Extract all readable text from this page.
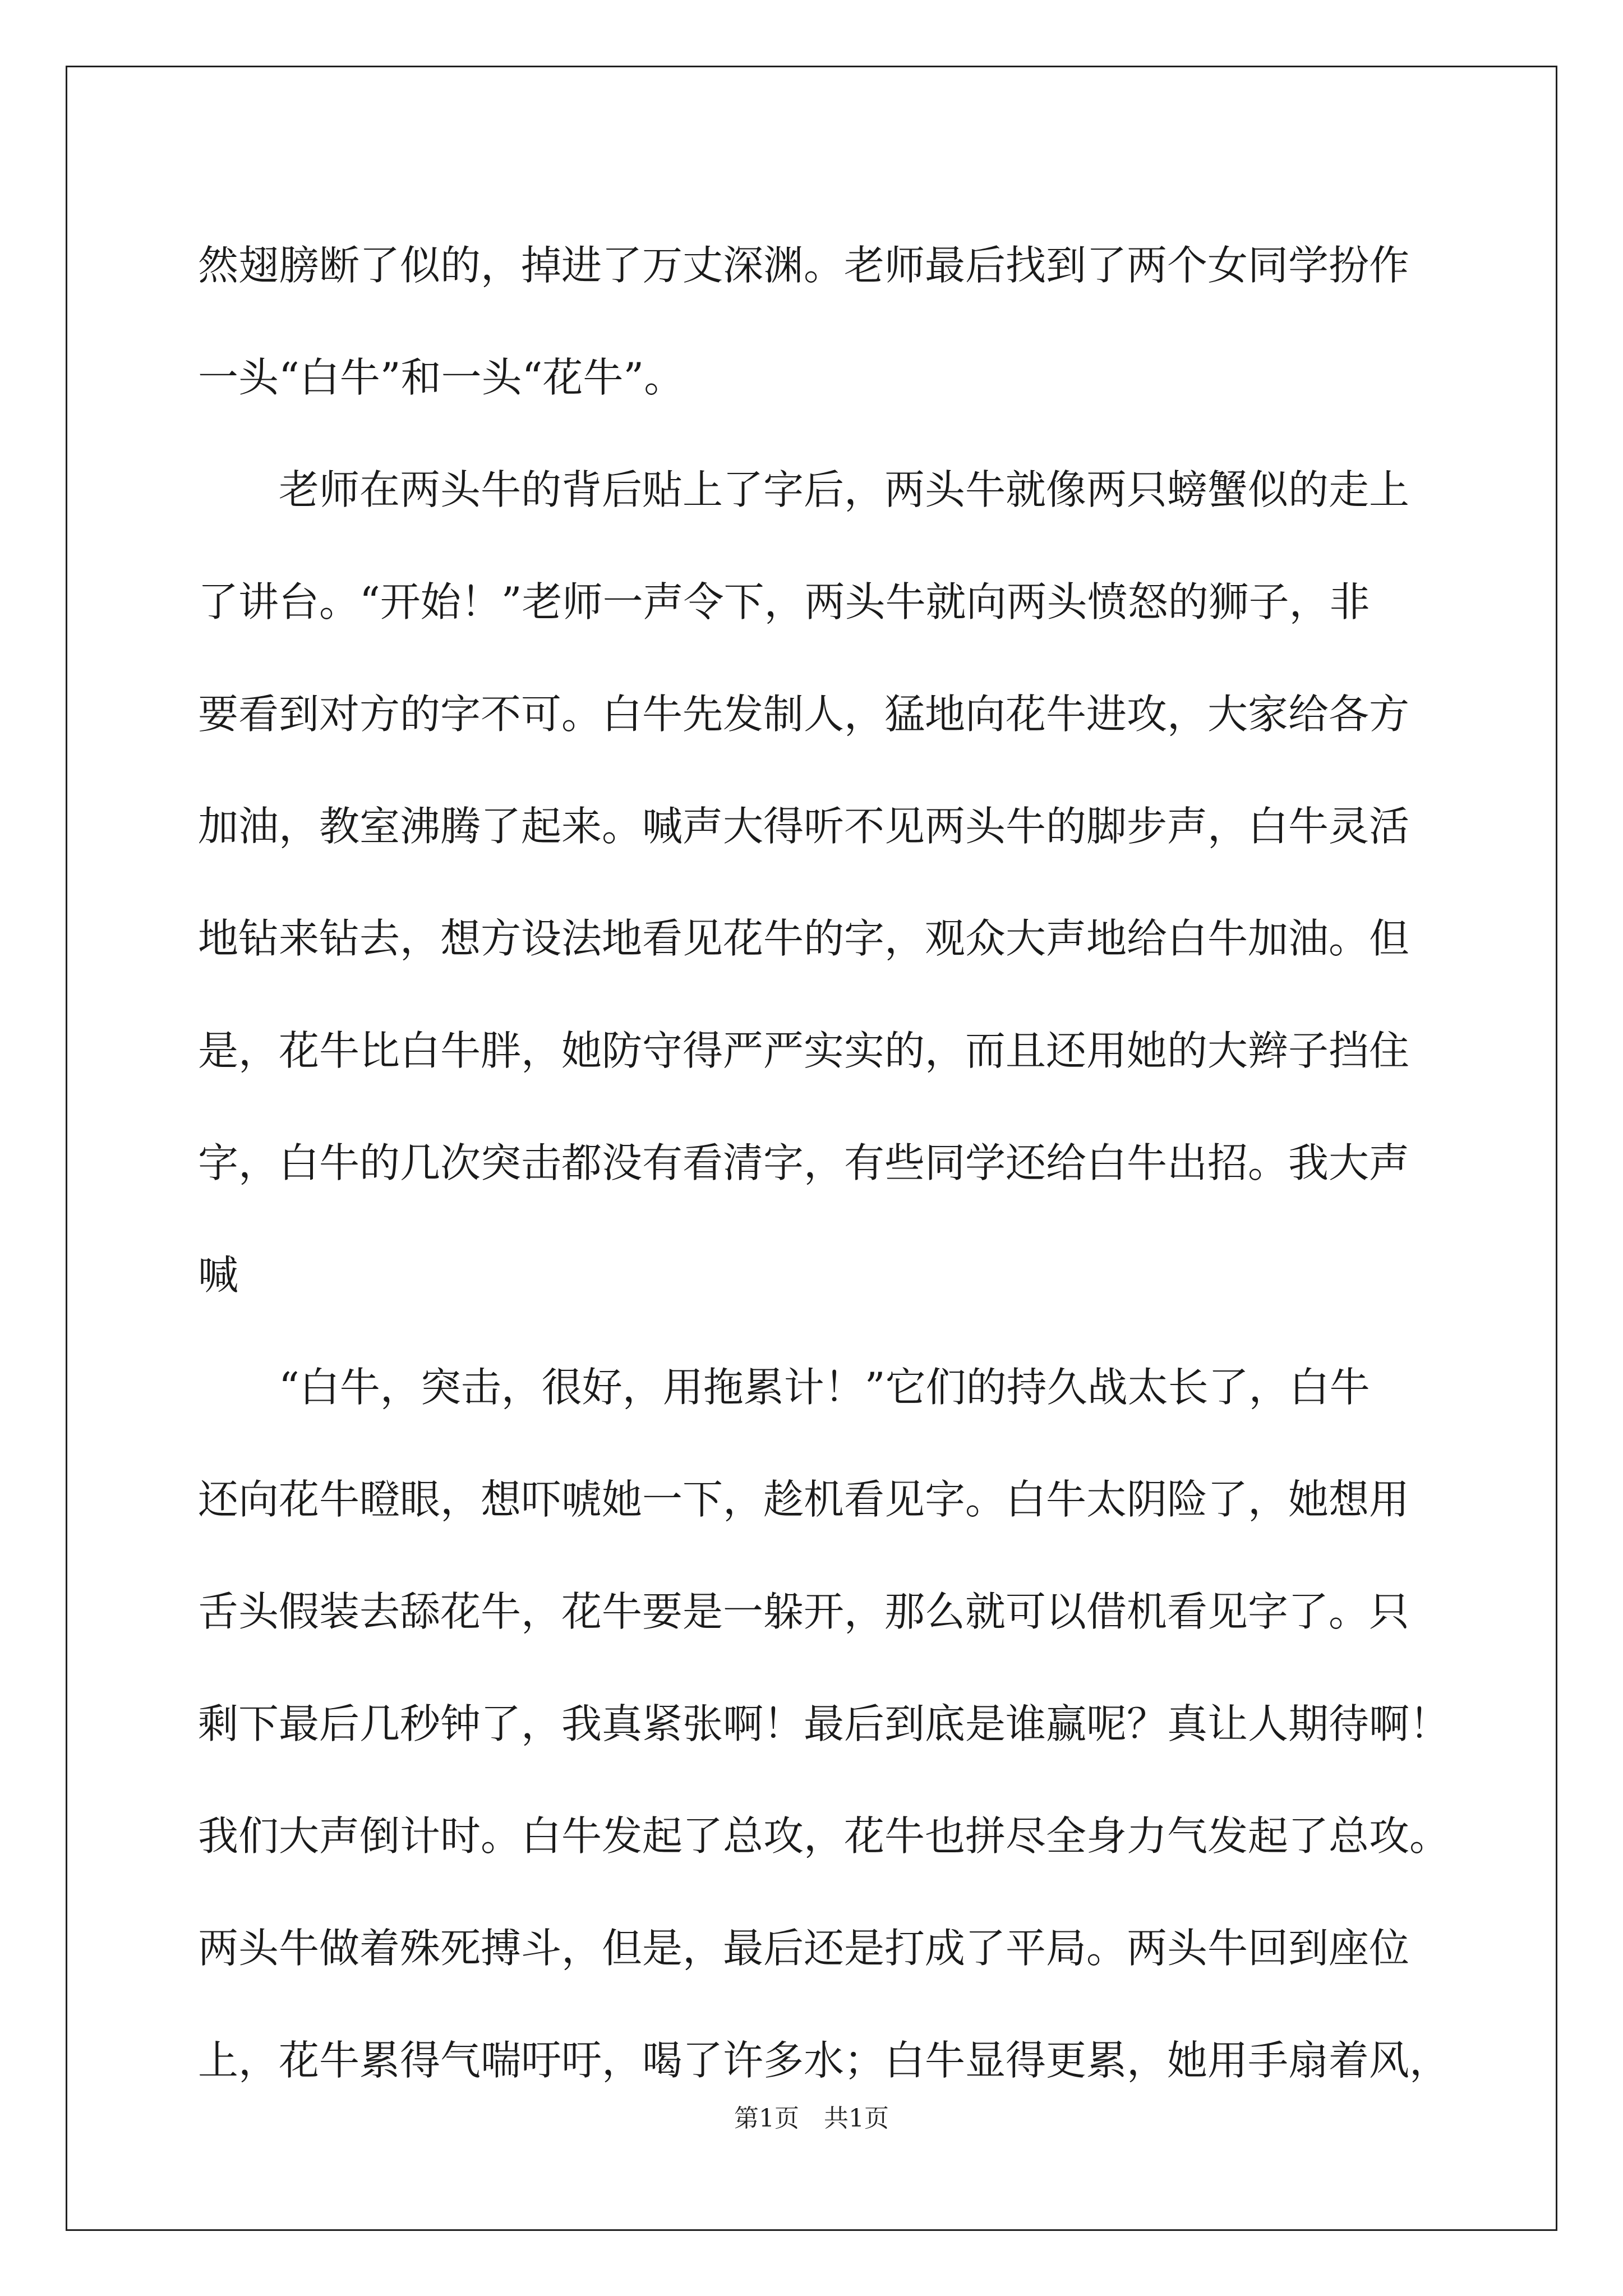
然翅膀断了似的，掉进了万丈深渊。老师最后找到了两个女同学扮作
一头“白牛”和一头“花牛”。
老师在两头牛的背后贴上了字后，两头牛就像两只螃蟹似的走上
了讲台。“开始！”老师一声令下，两头牛就向两头愤怒的狮子，非
要看到对方的字不可。白牛先发制人，猛地向花牛进攻，大家给各方
加油，教室沸腾了起来。喊声大得听不见两头牛的脚步声，白牛灵活
地钻来钻去，想方设法地看见花牛的字，观众大声地给白牛加油。但
是，花牛比白牛胖，她防守得严严实实的，而且还用她的大辫子挡住
字，白牛的几次突击都没有看清字，有些同学还给白牛出招。我大声
喊
“白牛，突击，很好，用拖累计！”它们的持久战太长了，白牛
还向花牛瞪眼，想吓唬她一下，趁机看见字。白牛太阴险了，她想用
舌头假装去舔花牛，花牛要是一躲开，那么就可以借机看见字了。只
剩下最后几秒钟了，我真紧张啊！最后到底是谁赢呢？真让人期待啊！
我们大声倒计时。白牛发起了总攻，花牛也拼尽全身力气发起了总攻。
两头牛做着殊死搏斗，但是，最后还是打成了平局。两头牛回到座位
上，花牛累得气喘吁吁，喝了许多水；白牛显得更累，她用手扇着风，
第1页　共1页
